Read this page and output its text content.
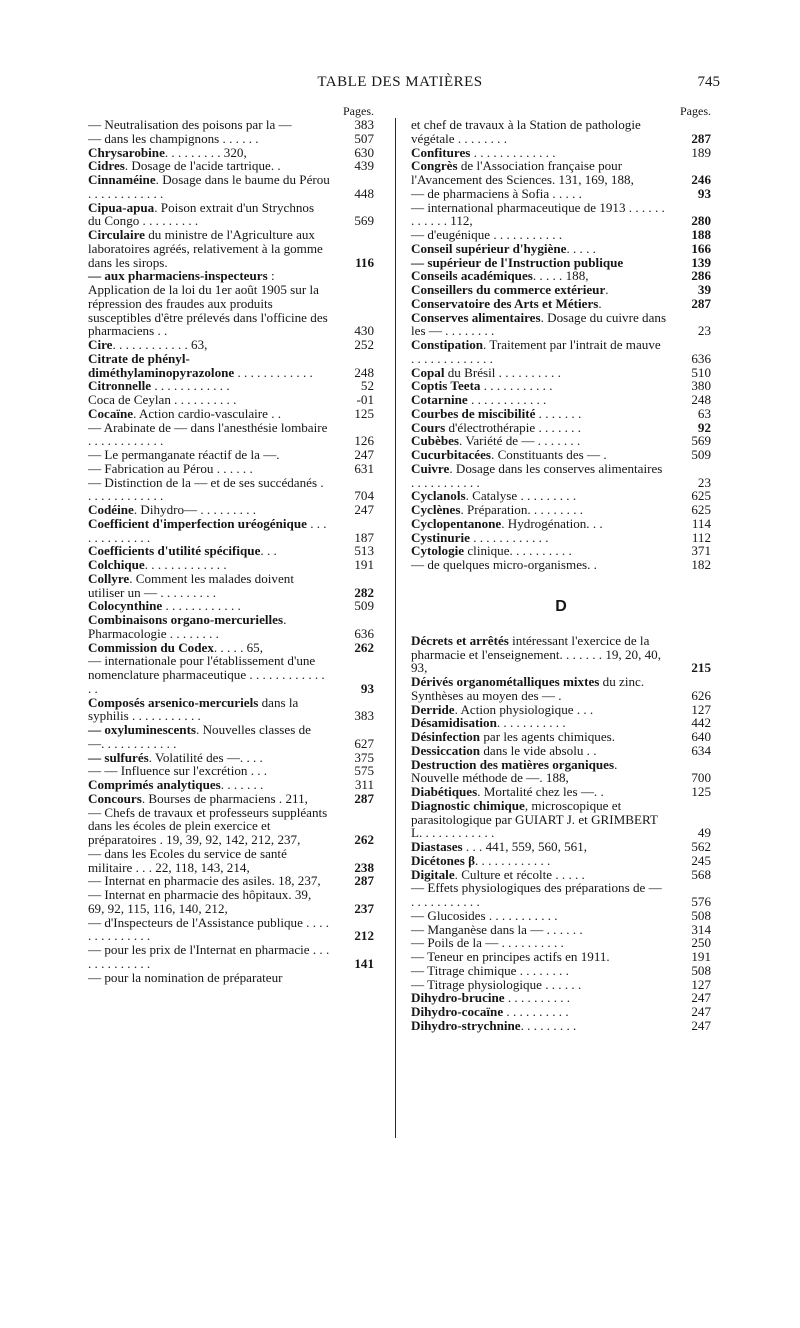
TABLE DES MATIÈRES	745
Pages.
— Neutralisation des poisons par la —	383
— dans les champignons . . . . . .	507
Chrysarobine. . . . . . . . . 320,	630
Cidres. Dosage de l'acide tartrique. .	439
Cinnaméine. Dosage dans le baume du Pérou . . . . . . . . . . . .	448
Cipua-apua. Poison extrait d'un Strychnos du Congo . . . . . . . . .	569
Circulaire du ministre de l'Agriculture aux laboratoires agréés, relativement à la gomme dans les sirops.	116
— aux pharmaciens-inspecteurs : Application de la loi du 1er août 1905 sur la répression des fraudes aux produits susceptibles d'être prélevés dans l'officine des pharmaciens . .	430
Cire. . . . . . . . . . . . 63,	252
Citrate de phényl-diméthylaminopyrazolone . . . . . . . . . . . .	248
Citronnelle . . . . . . . . . . . .	52
Coca de Ceylan . . . . . . . . . .	-01
Cocaïne. Action cardio-vasculaire . .	125
— Arabinate de — dans l'anesthésie lombaire . . . . . . . . . . . .	126
— Le permanganate réactif de la —.	247
— Fabrication au Pérou . . . . . .	631
— Distinction de la — et de ses succédanés . . . . . . . . . . . . .	704
Codéine. Dihydro— . . . . . . . . .	247
Coefficient d'imperfection uréogénique . . . . . . . . . . . . .	187
Coefficients d'utilité spécifique. . .	513
Colchique. . . . . . . . . . . . .	191
Collyre. Comment les malades doivent utiliser un — . . . . . . . . .	282
Colocynthine . . . . . . . . . . . .	509
Combinaisons organo-mercurielles. Pharmacologie . . . . . . . .	636
Commission du Codex. . . . . 65,	262
— internationale pour l'établissement d'une nomenclature pharmaceutique . . . . . . . . . . . . . .	93
Composés arsenico-mercuriels dans la syphilis . . . . . . . . . . .	383
— oxyluminescents. Nouvelles classes de —. . . . . . . . . . . .	627
— sulfurés. Volatilité des —. . . .	375
— — Influence sur l'excrétion . . .	575
Comprimés analytiques. . . . . . .	311
Concours. Bourses de pharmaciens . 211,	287
— Chefs de travaux et professeurs suppléants dans les écoles de plein exercice et préparatoires . 19, 39, 92, 142, 212, 237,	262
— dans les Ecoles du service de santé militaire . . . 22, 118, 143, 214,	238
— Internat en pharmacie des asiles. 18, 237,	287
— Internat en pharmacie des hôpitaux. 39, 69, 92, 115, 116, 140, 212,	237
— d'Inspecteurs de l'Assistance publique . . . . . . . . . . . . . .	212
— pour les prix de l'Internat en pharmacie . . . . . . . . . . . . .	141
— pour la nomination de préparateur
Pages.
et chef de travaux à la Station de pathologie végétale . . . . . . . .	287
Confitures . . . . . . . . . . . . .	189
Congrès de l'Association française pour l'Avancement des Sciences. 131, 169, 188,	246
— de pharmaciens à Sofia . . . . .	93
— international pharmaceutique de 1913 . . . . . . . . . . . . 112,	280
— d'eugénique . . . . . . . . . . .	188
Conseil supérieur d'hygiène. . . . .	166
— supérieur de l'Instruction publique	139
Conseils académiques. . . . . 188,	286
Conseillers du commerce extérieur.	39
Conservatoire des Arts et Métiers.	287
Conserves alimentaires. Dosage du cuivre dans les — . . . . . . . .	23
Constipation. Traitement par l'intrait de mauve . . . . . . . . . . . . .	636
Copal du Brésil . . . . . . . . . .	510
Coptis Teeta . . . . . . . . . . .	380
Cotarnine . . . . . . . . . . . .	248
Courbes de miscibilité . . . . . . .	63
Cours d'électrothérapie . . . . . . .	92
Cubèbes. Variété de — . . . . . . .	569
Cucurbitacées. Constituants des — .	509
Cuivre. Dosage dans les conserves alimentaires . . . . . . . . . . .	23
Cyclanols. Catalyse . . . . . . . . .	625
Cyclènes. Préparation. . . . . . . . .	625
Cyclopentanone. Hydrogénation. . .	114
Cystinurie . . . . . . . . . . . .	112
Cytologie clinique. . . . . . . . . .	371
— de quelques micro-organismes. .	182
D
Décrets et arrêtés intéressant l'exercice de la pharmacie et l'enseignement. . . . . . . 19, 20, 40, 93,	215
Dérivés organométalliques mixtes du zinc. Synthèses au moyen des — .	626
Derride. Action physiologique . . .	127
Désamidisation. . . . . . . . . . .	442
Désinfection par les agents chimiques.	640
Dessiccation dans le vide absolu . .	634
Destruction des matières organiques. Nouvelle méthode de —. 188,	700
Diabétiques. Mortalité chez les —. .	125
Diagnostic chimique, microscopique et parasitologique par GUIART J. et GRIMBERT L. . . . . . . . . . . .	49
Diastases . . . 441, 559, 560, 561,	562
Dicétones β. . . . . . . . . . . .	245
Digitale. Culture et récolte . . . . .	568
— Effets physiologiques des préparations de — . . . . . . . . . . .	576
— Glucosides . . . . . . . . . . .	508
— Manganèse dans la — . . . . . .	314
— Poils de la — . . . . . . . . . .	250
— Teneur en principes actifs en 1911.	191
— Titrage chimique . . . . . . . .	508
— Titrage physiologique . . . . . .	127
Dihydro-brucine . . . . . . . . . .	247
Dihydro-cocaïne . . . . . . . . . .	247
Dihydro-strychnine. . . . . . . . .	247
